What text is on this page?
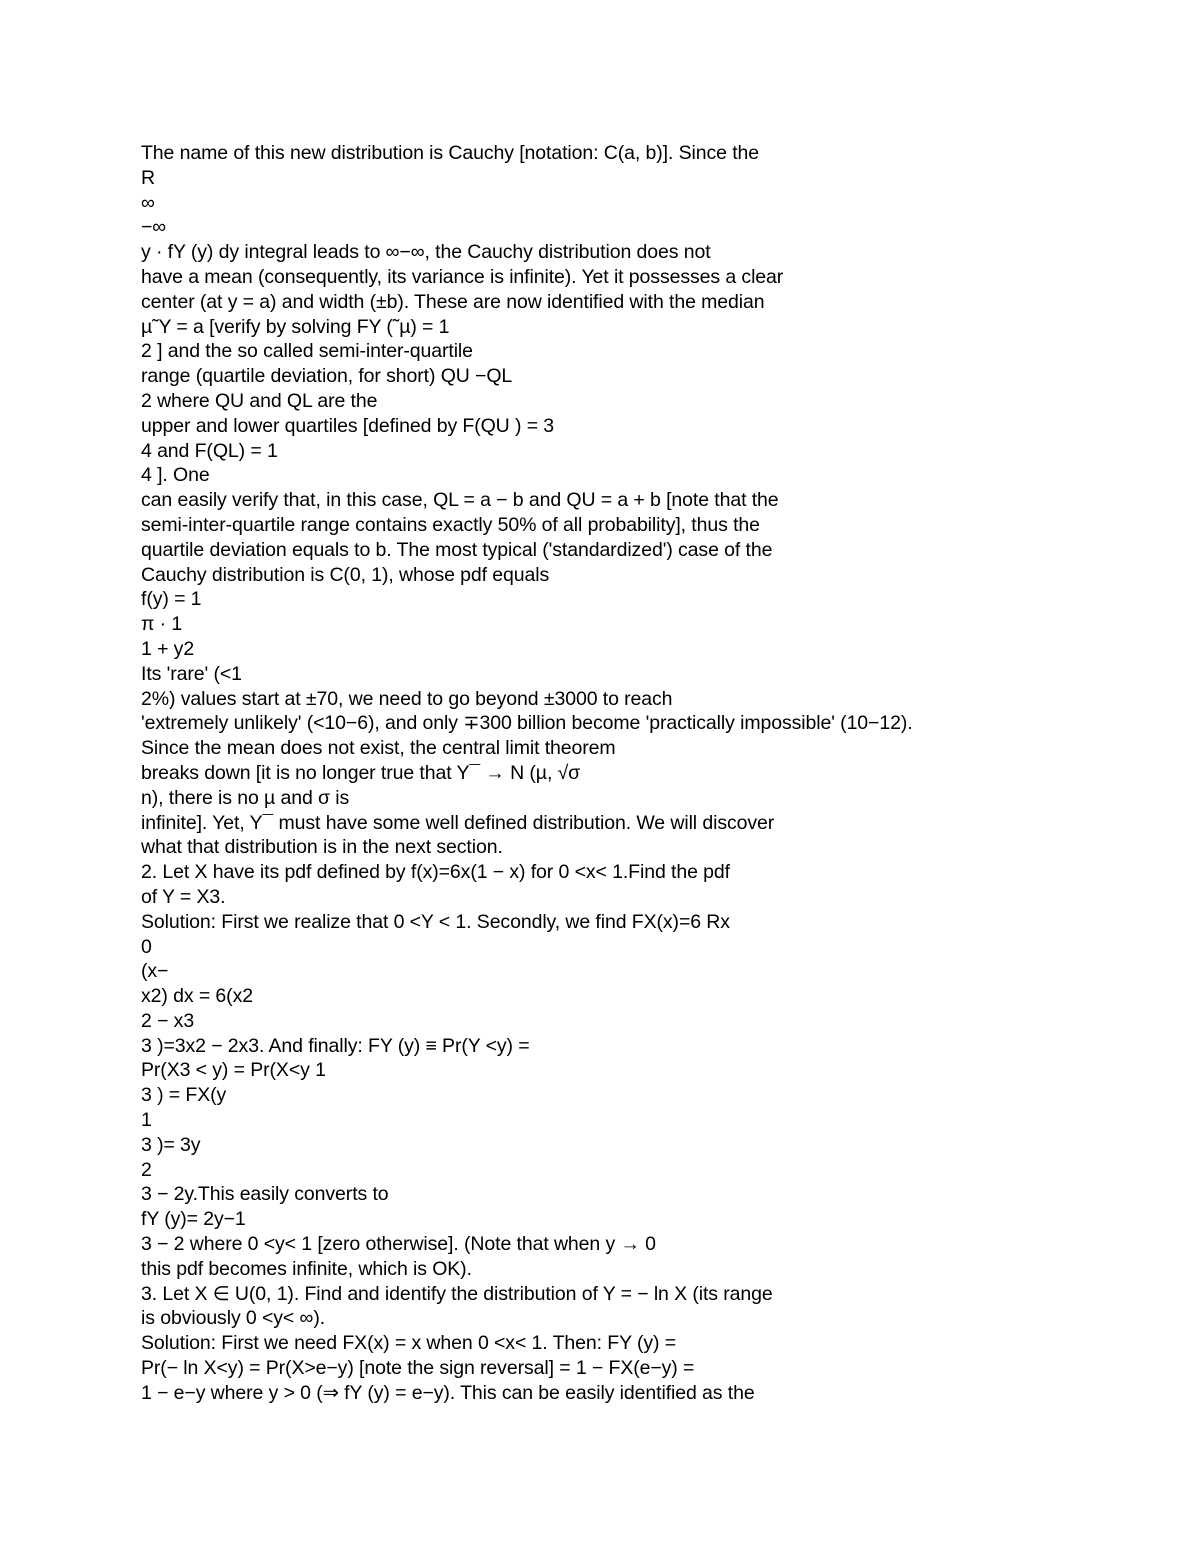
The name of this new distribution is Cauchy [notation: C(a, b)]. Since the
R
∞
−∞
y · fY (y) dy integral leads to ∞−∞, the Cauchy distribution does not
have a mean (consequently, its variance is infinite). Yet it possesses a clear
center (at y = a) and width (±b). These are now identified with the median
µ˜Y = a [verify by solving FY (˜µ) = 1
2 ] and the so called semi-inter-quartile
range (quartile deviation, for short) QU −QL
2 where QU and QL are the
upper and lower quartiles [defined by F(QU ) = 3
4 and F(QL) = 1
4 ]. One
can easily verify that, in this case, QL = a − b and QU = a + b [note that the
semi-inter-quartile range contains exactly 50% of all probability], thus the
quartile deviation equals to b. The most typical ('standardized') case of the
Cauchy distribution is C(0, 1), whose pdf equals
f(y) = 1
π · 1
1 + y2
Its 'rare' (<1
2%) values start at ±70, we need to go beyond ±3000 to reach
'extremely unlikely' (<10−6), and only ∓300 billion become 'practically impossible' (10−12).
Since the mean does not exist, the central limit theorem
breaks down [it is no longer true that Y¯ → N (µ, √σ
n), there is no µ and σ is
infinite]. Yet, Y¯ must have some well defined distribution. We will discover
what that distribution is in the next section.
2. Let X have its pdf defined by f(x)=6x(1 − x) for 0 <x< 1.Find the pdf
of Y = X3.
Solution: First we realize that 0 <Y < 1. Secondly, we find FX(x)=6 Rx
0
(x−
x2) dx = 6(x2
2 − x3
3 )=3x2 − 2x3. And finally: FY (y) ≡ Pr(Y <y) =
Pr(X3 < y) = Pr(X<y 1
3 ) = FX(y
1
3 )= 3y
2
3 − 2y.This easily converts to
fY (y)= 2y−1
3 − 2 where 0 <y< 1 [zero otherwise]. (Note that when y → 0
this pdf becomes infinite, which is OK).
3. Let X ∈ U(0, 1). Find and identify the distribution of Y = − ln X (its range
is obviously 0 <y< ∞).
Solution: First we need FX(x) = x when 0 <x< 1. Then: FY (y) =
Pr(− ln X<y) = Pr(X>e−y) [note the sign reversal] = 1 − FX(e−y) =
1 − e−y where y > 0 (⇒ fY (y) = e−y). This can be easily identified as the
